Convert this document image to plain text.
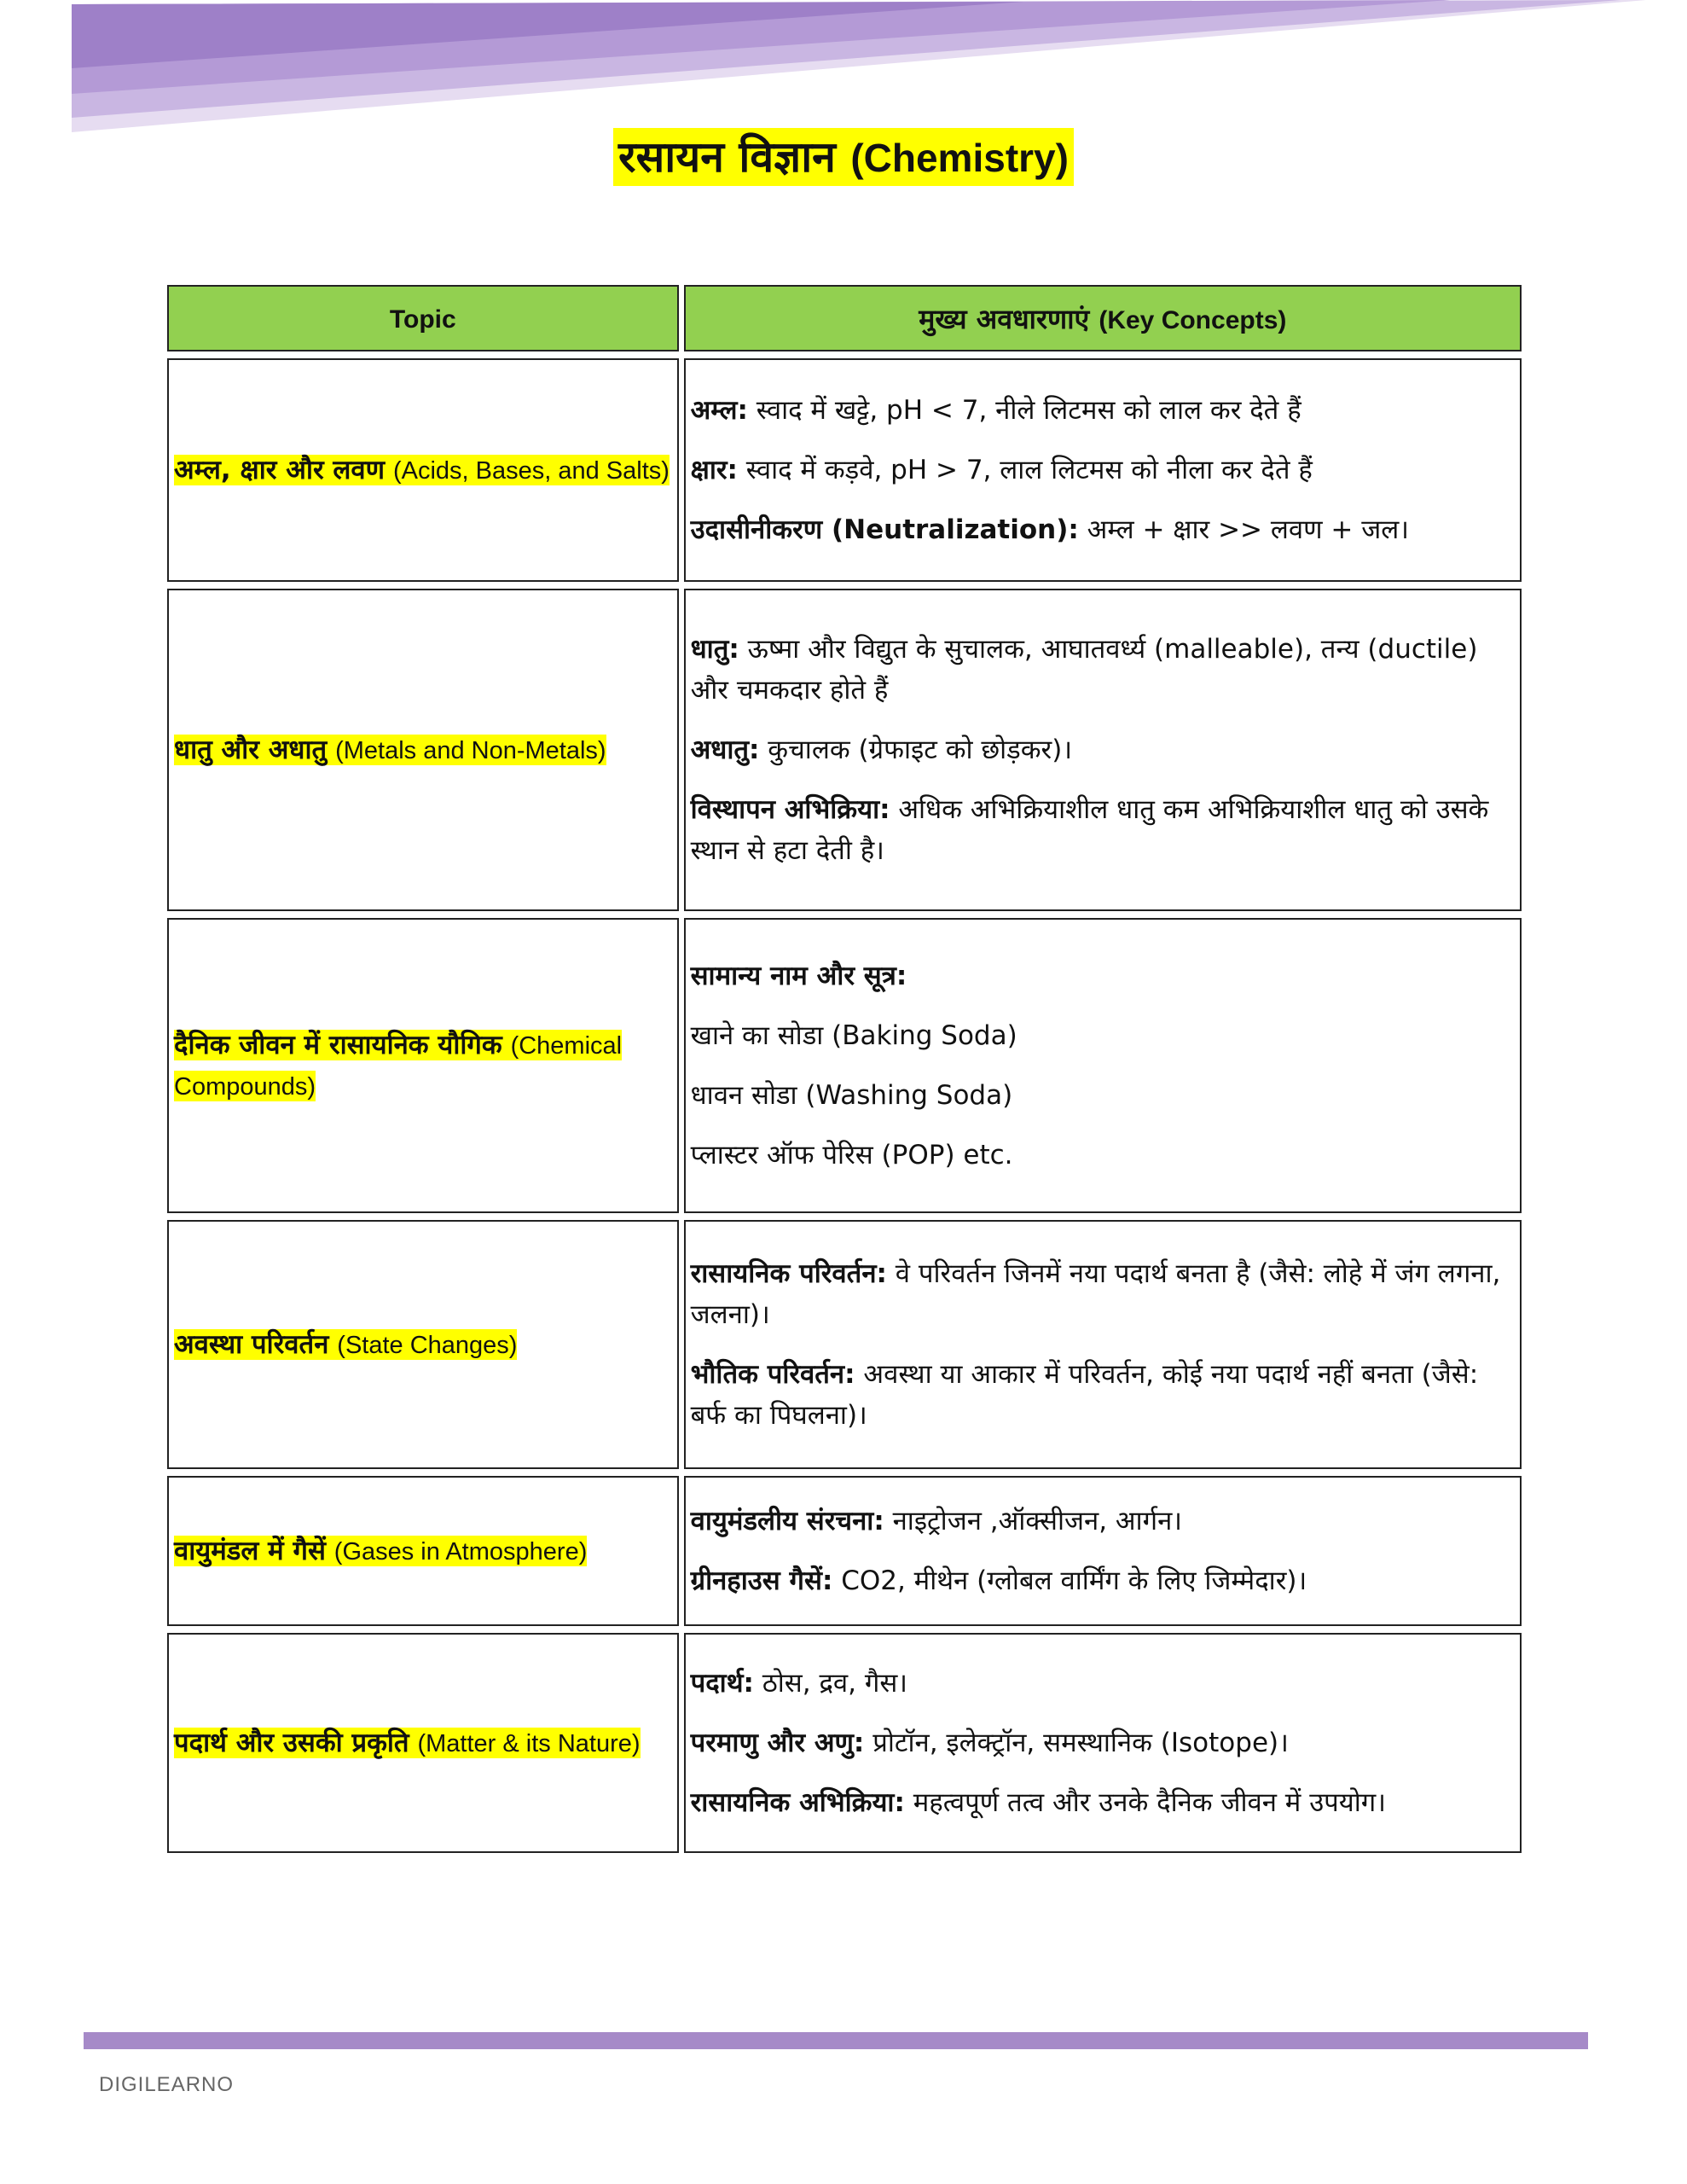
रसायन विज्ञान (Chemistry)
Topic	मुख्य अवधारणाएं (Key Concepts)

अम्ल, क्षार और लवण (Acids, Bases, and Salts)	अम्ल: स्वाद में खट्टे, pH < 7, नीले लिटमस को लाल कर देते हैं

क्षार: स्वाद में कड़वे, pH > 7, लाल लिटमस को नीला कर देते हैं

उदासीनीकरण (Neutralization): अम्ल + क्षार >> लवण + जल।

धातु और अधातु (Metals and Non-Metals)	धातु: ऊष्मा और विद्युत के सुचालक, आघातवर्ध्य (malleable), तन्य (ductile) और चमकदार होते हैं

अधातु: कुचालक (ग्रेफाइट को छोड़कर)।

विस्थापन अभिक्रिया: अधिक अभिक्रियाशील धातु कम अभिक्रियाशील धातु को उसके स्थान से हटा देती है।

दैनिक जीवन में रासायनिक यौगिक (Chemical Compounds)	सामान्य नाम और सूत्र:

खाने का सोडा (Baking Soda)

धावन सोडा (Washing Soda)

प्लास्टर ऑफ पेरिस (POP) etc.

अवस्था परिवर्तन (State Changes)	रासायनिक परिवर्तन: वे परिवर्तन जिनमें नया पदार्थ बनता है (जैसे: लोहे में जंग लगना, जलना)।

भौतिक परिवर्तन: अवस्था या आकार में परिवर्तन, कोई नया पदार्थ नहीं बनता (जैसे: बर्फ का पिघलना)।

वायुमंडल में गैसें (Gases in Atmosphere)	वायुमंडलीय संरचना: नाइट्रोजन ,ऑक्सीजन, आर्गन।

ग्रीनहाउस गैसें: CO2, मीथेन (ग्लोबल वार्मिंग के लिए जिम्मेदार)।

पदार्थ और उसकी प्रकृति (Matter & its Nature)	पदार्थ: ठोस, द्रव, गैस।

परमाणु और अणु: प्रोटॉन, इलेक्ट्रॉन, समस्थानिक (Isotope)।

रासायनिक अभिक्रिया: महत्वपूर्ण तत्व और उनके दैनिक जीवन में उपयोग।

DIGILEARNO
